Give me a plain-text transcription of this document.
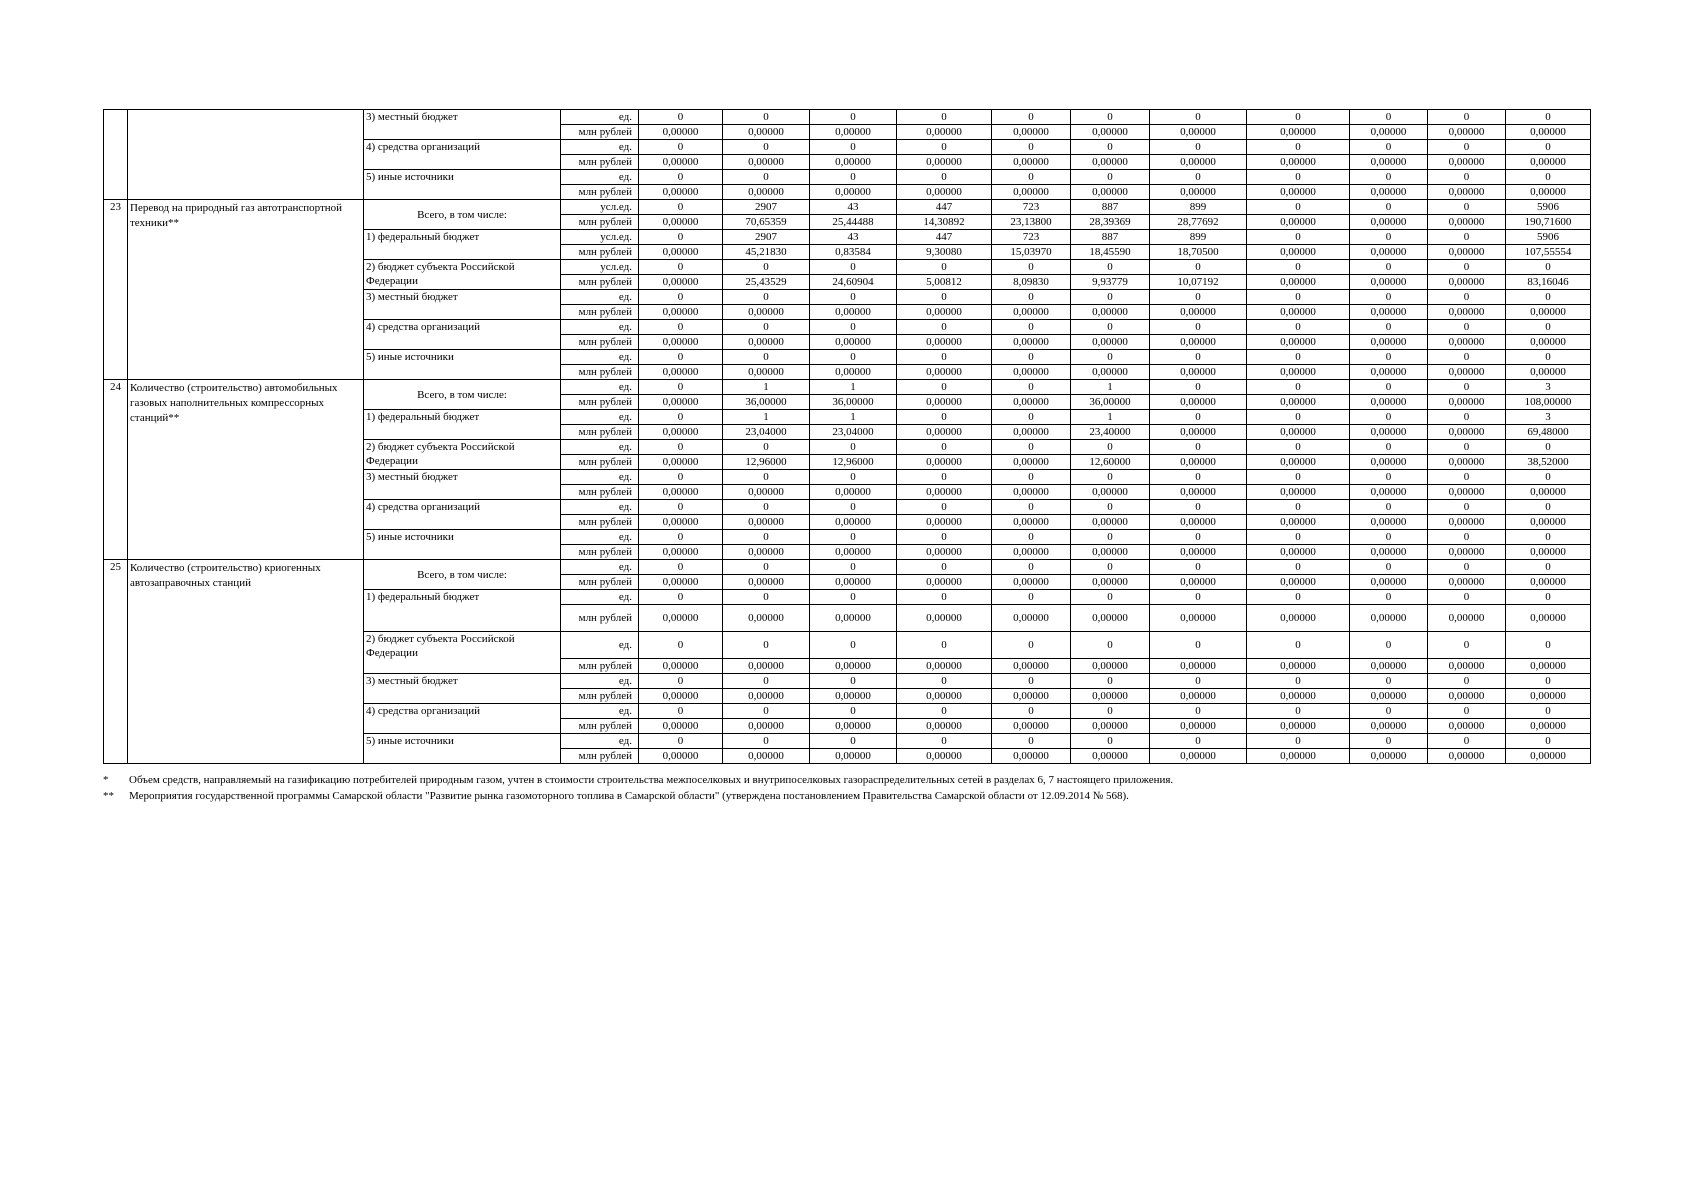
		3) местный бюджет	ед.	0	0	0	0	0	0	0	0	0	0	0
			млн рублей	0,00000	0,00000	0,00000	0,00000	0,00000	0,00000	0,00000	0,00000	0,00000	0,00000	0,00000
		4) средства организаций	ед.	0	0	0	0	0	0	0	0	0	0	0
			млн рублей	0,00000	0,00000	0,00000	0,00000	0,00000	0,00000	0,00000	0,00000	0,00000	0,00000	0,00000
		5) иные источники	ед.	0	0	0	0	0	0	0	0	0	0	0
			млн рублей	0,00000	0,00000	0,00000	0,00000	0,00000	0,00000	0,00000	0,00000	0,00000	0,00000	0,00000
23	Перевод на природный газ автотранспортной техники**	Всего, в том числе:	усл.ед.	0	2907	43	447	723	887	899	0	0	0	5906
			млн рублей	0,00000	70,65359	25,44488	14,30892	23,13800	28,39369	28,77692	0,00000	0,00000	0,00000	190,71600
		1) федеральный бюджет	усл.ед.	0	2907	43	447	723	887	899	0	0	0	5906
			млн рублей	0,00000	45,21830	0,83584	9,30080	15,03970	18,45590	18,70500	0,00000	0,00000	0,00000	107,55554
		2) бюджет субъекта Российской Федерации	усл.ед.	0	0	0	0	0	0	0	0	0	0	0
			млн рублей	0,00000	25,43529	24,60904	5,00812	8,09830	9,93779	10,07192	0,00000	0,00000	0,00000	83,16046
		3) местный бюджет	ед.	0	0	0	0	0	0	0	0	0	0	0
			млн рублей	0,00000	0,00000	0,00000	0,00000	0,00000	0,00000	0,00000	0,00000	0,00000	0,00000	0,00000
		4) средства организаций	ед.	0	0	0	0	0	0	0	0	0	0	0
			млн рублей	0,00000	0,00000	0,00000	0,00000	0,00000	0,00000	0,00000	0,00000	0,00000	0,00000	0,00000
		5) иные источники	ед.	0	0	0	0	0	0	0	0	0	0	0
			млн рублей	0,00000	0,00000	0,00000	0,00000	0,00000	0,00000	0,00000	0,00000	0,00000	0,00000	0,00000
24	Количество (строительство) автомобильных газовых наполнительных компрессорных станций**	Всего, в том числе:	ед.	0	1	1	0	0	1	0	0	0	0	3
			млн рублей	0,00000	36,00000	36,00000	0,00000	0,00000	36,00000	0,00000	0,00000	0,00000	0,00000	108,00000
		1) федеральный бюджет	ед.	0	1	1	0	0	1	0	0	0	0	3
			млн рублей	0,00000	23,04000	23,04000	0,00000	0,00000	23,40000	0,00000	0,00000	0,00000	0,00000	69,48000
		2) бюджет субъекта Российской Федерации	ед.	0	0	0	0	0	0	0	0	0	0	0
			млн рублей	0,00000	12,96000	12,96000	0,00000	0,00000	12,60000	0,00000	0,00000	0,00000	0,00000	38,52000
		3) местный бюджет	ед.	0	0	0	0	0	0	0	0	0	0	0
			млн рублей	0,00000	0,00000	0,00000	0,00000	0,00000	0,00000	0,00000	0,00000	0,00000	0,00000	0,00000
		4) средства организаций	ед.	0	0	0	0	0	0	0	0	0	0	0
			млн рублей	0,00000	0,00000	0,00000	0,00000	0,00000	0,00000	0,00000	0,00000	0,00000	0,00000	0,00000
		5) иные источники	ед.	0	0	0	0	0	0	0	0	0	0	0
			млн рублей	0,00000	0,00000	0,00000	0,00000	0,00000	0,00000	0,00000	0,00000	0,00000	0,00000	0,00000
25	Количество (строительство) криогенных автозаправочных станций	Всего, в том числе:	ед.	0	0	0	0	0	0	0	0	0	0	0
			млн рублей	0,00000	0,00000	0,00000	0,00000	0,00000	0,00000	0,00000	0,00000	0,00000	0,00000	0,00000
		1) федеральный бюджет	ед.	0	0	0	0	0	0	0	0	0	0	0
			млн рублей	0,00000	0,00000	0,00000	0,00000	0,00000	0,00000	0,00000	0,00000	0,00000	0,00000	0,00000
		2) бюджет субъекта Российской Федерации	ед.	0	0	0	0	0	0	0	0	0	0	0
			млн рублей	0,00000	0,00000	0,00000	0,00000	0,00000	0,00000	0,00000	0,00000	0,00000	0,00000	0,00000
		3) местный бюджет	ед.	0	0	0	0	0	0	0	0	0	0	0
			млн рублей	0,00000	0,00000	0,00000	0,00000	0,00000	0,00000	0,00000	0,00000	0,00000	0,00000	0,00000
		4) средства организаций	ед.	0	0	0	0	0	0	0	0	0	0	0
			млн рублей	0,00000	0,00000	0,00000	0,00000	0,00000	0,00000	0,00000	0,00000	0,00000	0,00000	0,00000
		5) иные источники	ед.	0	0	0	0	0	0	0	0	0	0	0
			млн рублей	0,00000	0,00000	0,00000	0,00000	0,00000	0,00000	0,00000	0,00000	0,00000	0,00000	0,00000
*	Объем средств, направляемый на газификацию потребителей природным газом, учтен в стоимости строительства межпоселковых и внутрипоселковых газораспределительных сетей в разделах 6, 7 настоящего приложения.
**	Мероприятия государственной программы Самарской области "Развитие рынка газомоторного топлива в Самарской области" (утверждена постановлением Правительства Самарской области от 12.09.2014 № 568).
